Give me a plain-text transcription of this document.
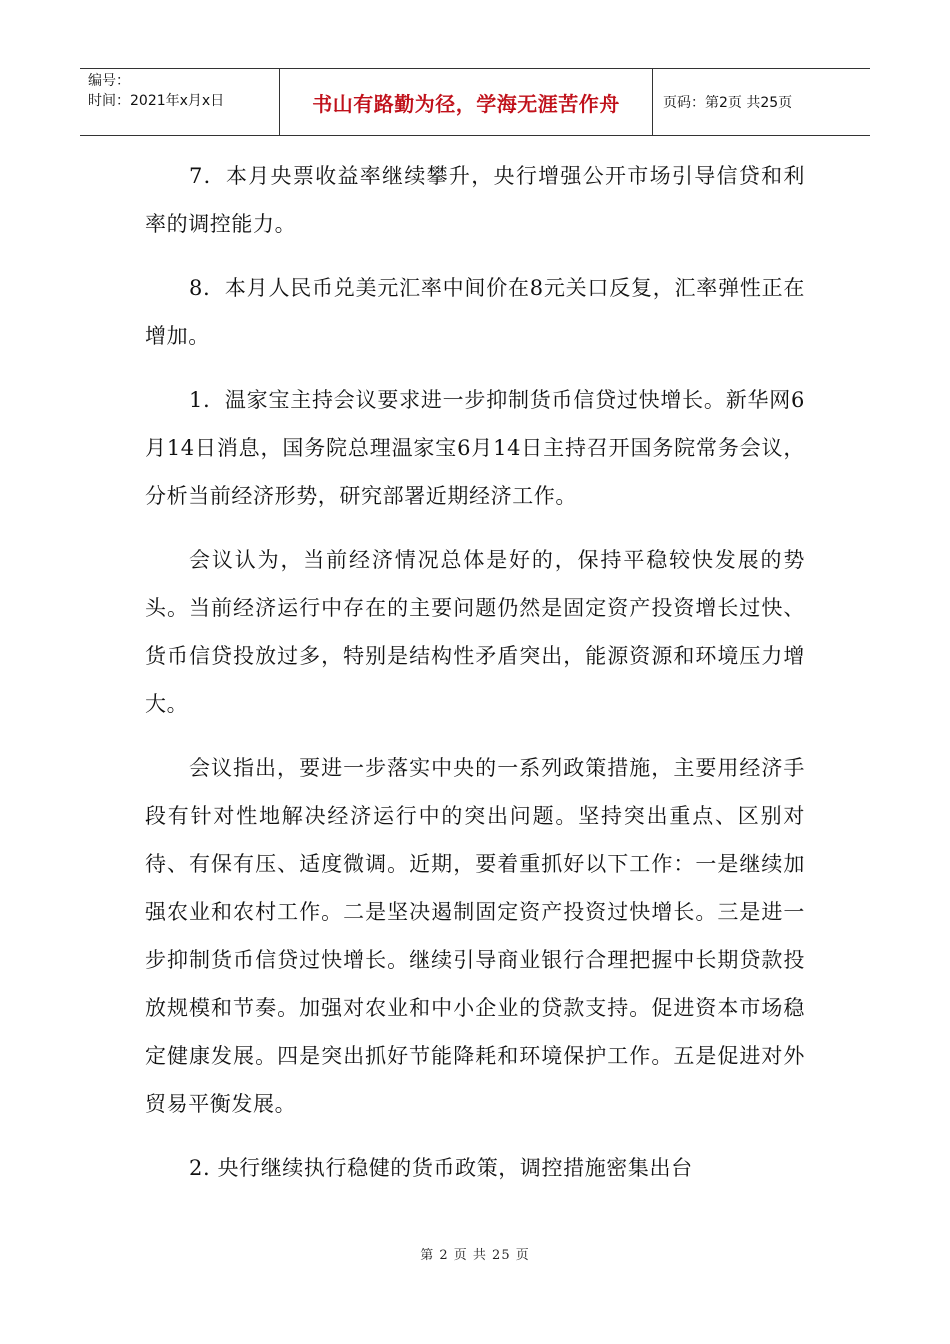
编号：
时间：2021年x月x日	书山有路勤为径，学海无涯苦作舟	页码：第2页 共25页

7．本月央票收益率继续攀升，央行增强公开市场引导信贷和利率的调控能力。

8．本月人民币兑美元汇率中间价在8元关口反复，汇率弹性正在增加。

1．温家宝主持会议要求进一步抑制货币信贷过快增长。新华网6月14日消息，国务院总理温家宝6月14日主持召开国务院常务会议，分析当前经济形势，研究部署近期经济工作。

会议认为，当前经济情况总体是好的，保持平稳较快发展的势头。当前经济运行中存在的主要问题仍然是固定资产投资增长过快、货币信贷投放过多，特别是结构性矛盾突出，能源资源和环境压力增大。

会议指出，要进一步落实中央的一系列政策措施，主要用经济手段有针对性地解决经济运行中的突出问题。坚持突出重点、区别对待、有保有压、适度微调。近期，要着重抓好以下工作：一是继续加强农业和农村工作。二是坚决遏制固定资产投资过快增长。三是进一步抑制货币信贷过快增长。继续引导商业银行合理把握中长期贷款投放规模和节奏。加强对农业和中小企业的贷款支持。促进资本市场稳定健康发展。四是突出抓好节能降耗和环境保护工作。五是促进对外贸易平衡发展。

2. 央行继续执行稳健的货币政策，调控措施密集出台

第 2 页 共 25 页
